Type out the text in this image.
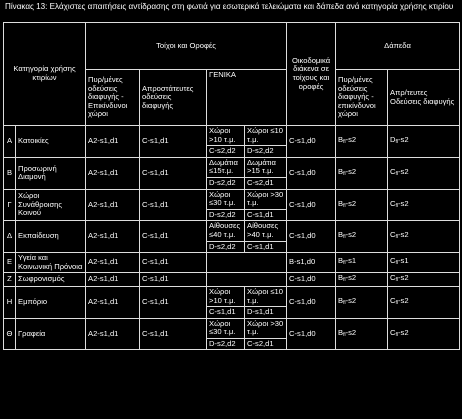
Πίνακας 13: Ελάχιστες απαιτήσεις αντίδρασης στη φωτιά για εσωτερικά τελειώματα και δάπεδα ανά κατηγορία χρήσης κτιρίου
Κατηγορία χρήσης κτιρίων		Τοίχοι και Οροφές				Οικοδομικά διάκενα σε τοίχους και οροφές	Δάπεδα	
		Πυρ/μένες οδεύσεις διαφυγής - Επικίνδυνοι χώροι	Απροστάτευτες οδεύσεις διαφυγής	ΓΕΝΙΚΑ			Πυρ/μένες οδεύσεις διαφυγής - επικίνδυνοι χώροι	Απρ/τευτες Οδεύσεις διαφυγής
Α	Κατοικίες	A2-s1,d1	C-s1,d1	Χώροι >10 τ.μ.	Χώροι ≤10 τ.μ.	C-s1,d0	$B_{fl}-s2$	$D_{fl}-s2$
				C-s2,d2	D-s2,d2			
Β	Προσωρινή Διαμονή	A2-s1,d1	C-s1,d1	Δωμάτια ≤15τ.μ.	Δωμάτια >15 τ.μ.	C-s1,d0	$B_{fl}-s2$	$C_{fl}-s2$
				D-s2,d2	C-s2,d1			
Γ	Χώροι Συνάθροισης Κοινού	A2-s1,d1	C-s1,d1	Χώροι ≤30 τ.μ.	Χώροι >30 τ.μ.	C-s1,d0	$B_{fl}-s2$	$C_{fl}-s2$
				D-s2,d2	C-s1,d1			
Δ	Εκπαίδευση	A2-s1,d1	C-s1,d1	Αίθουσες ≤40 τ.μ.	Αίθουσες >40 τ.μ.	C-s1,d0	$B_{fl}-s2$	$C_{fl}-s2$
				D-s2,d2	C-s1,d1			
Ε	Υγεία και Κοινωνική Πρόνοια	A2-s1,d1	C-s1,d1			B-s1,d0	$B_{fl}-s1$	$C_{fl}-s1$
Ζ	Σωφρονισμός	A2-s1,d1	C-s1,d1			C-s1,d0	$B_{fl}-s2$	$C_{fl}-s2$
Η	Εμπόριο	A2-s1,d1	C-s1,d1	Χώροι >10 τ.μ.	Χώροι ≤10 τ.μ.	C-s1,d0	$B_{fl}-s2$	$C_{fl}-s2$
				C-s1,d1	D-s1,d1			
Θ	Γραφεία	A2-s1,d1	C-s1,d1	Χώροι ≤30 τ.μ.	Χώροι >30 τ.μ.	C-s1,d0	$B_{fl}-s2$	$C_{fl}-s2$
				D-s2,d2	C-s2,d1			
